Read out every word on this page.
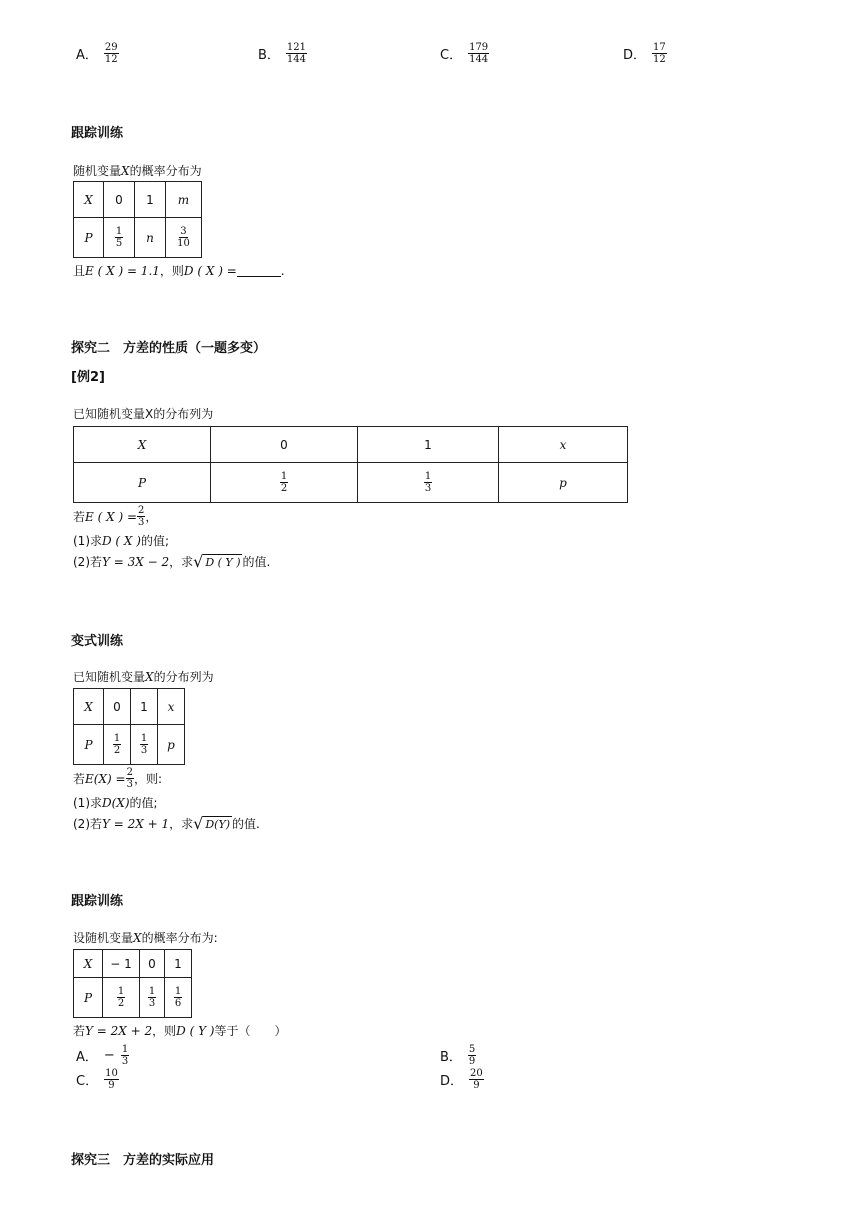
A． $\frac{29}{12}$	B． $\frac{121}{144}$	C． $\frac{179}{144}$	D． $\frac{17}{12}$
跟踪训练
随机变量 X 的概率分布为
X	0	1	m
P	$\frac{1}{5}$	n	$\frac{3}{10}$
且 E ( X ) = 1.1 ，则 D ( X ) =	.
探究二　方差的性质（一题多变）
[例2]
已知随机变量X的分布列为
X	0	1	x
P	$\frac{1}{2}$	$\frac{1}{3}$	p
若 E ( X ) = $\frac{2}{3}$ ，
(1)求 D ( X ) 的值;
(2)若 Y = 3X − 2 ，求 √ D ( Y ) 的值.
变式训练
已知随机变量 X 的分布列为
X	0	1	x
P	$\frac{1}{2}$	$\frac{1}{3}$	p
若 $E(X) = \frac{2}{3}$ ，则:
(1)求 D(X) 的值;
(2)若 Y = 2X + 1 ，求 √ D(Y) 的值.
跟踪训练
设随机变量 X 的概率分布为:
X	− 1	0	1
P	$\frac{1}{2}$	$\frac{1}{3}$	$\frac{1}{6}$
若 Y = 2X + 2 ，则 D ( Y ) 等于（　　）
A． − $\frac{1}{3}$	B． $\frac{5}{9}$
C． $\frac{10}{9}$	D． $\frac{20}{9}$
探究三　方差的实际应用
